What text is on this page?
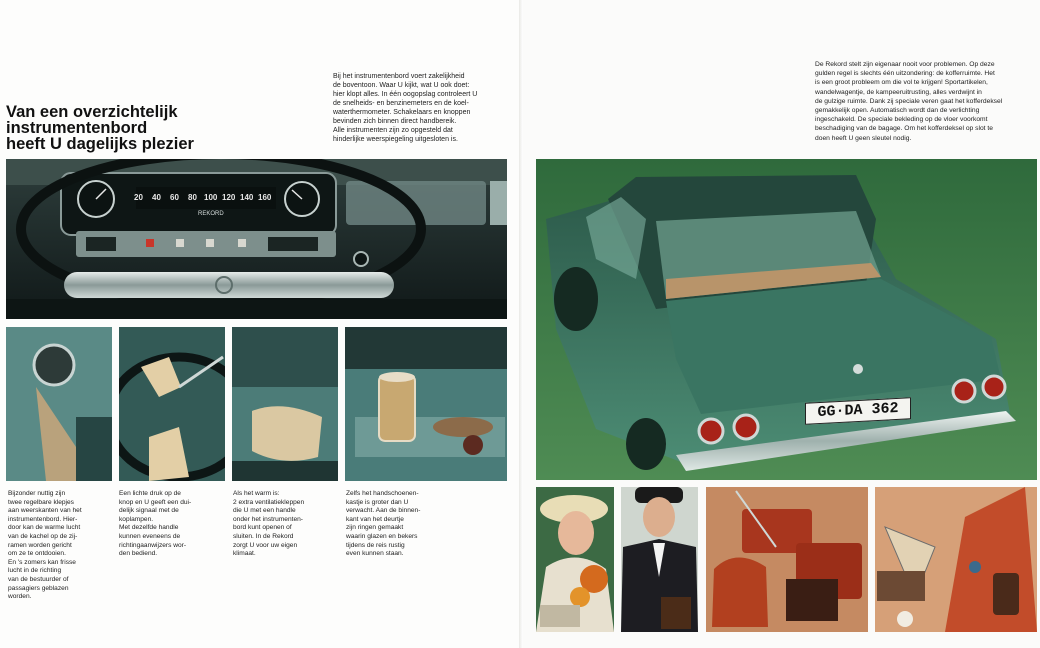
Van een overzichtelijk
instrumentenbord
heeft U dagelijks plezier
Bij het instrumentenbord voert zakelijkheid
de boventoon. Waar U kijkt, wat U ook doet:
hier klopt alles. In één oogopslag controleert U
de snelheids- en benzinemeters en de koel-
waterthermometer. Schakelaars en knoppen
bevinden zich binnen direct handbereik.
Alle instrumenten zijn zo opgesteld dat
hinderlijke weerspiegeling uitgesloten is.
20 40 60 80 100 120 140 160
REKORD
Bijzonder nuttig zijn
twee regelbare klepjes
aan weerskanten van het
instrumentenbord. Hier-
door kan de warme lucht
van de kachel op de zij-
ramen worden gericht
om ze te ontdooien.
En 's zomers kan frisse
lucht in de richting
van de bestuurder of
passagiers geblazen
worden.
Een lichte druk op de
knop en U geeft een dui-
delijk signaal met de
koplampen.
Met dezelfde handle
kunnen eveneens de
richtingaanwijzers wor-
den bediend.
Als het warm is:
2 extra ventilatiekleppen
die U met een handle
onder het instrumenten-
bord kunt openen of
sluiten. In de Rekord
zorgt U voor uw eigen
klimaat.
Zelfs het handschoenen-
kastje is groter dan U
verwacht. Aan de binnen-
kant van het deurtje
zijn ringen gemaakt
waarin glazen en bekers
tijdens de reis rustig
even kunnen staan.
De Rekord stelt zijn eigenaar nooit voor problemen. Op deze
gulden regel is slechts één uitzondering: de kofferruimte. Het
is een groot probleem om die vol te krijgen! Sportartikelen,
wandelwagentje, de kampeeruitrusting, alles verdwijnt in
de gulzige ruimte. Dank zij speciale veren gaat het kofferdeksel
gemakkelijk open. Automatisch wordt dan de verlichting
ingeschakeld. De speciale bekleding op de vloer voorkomt
beschadiging van de bagage. Om het kofferdeksel op slot te
doen heeft U geen sleutel nodig.
GG·DA 362
